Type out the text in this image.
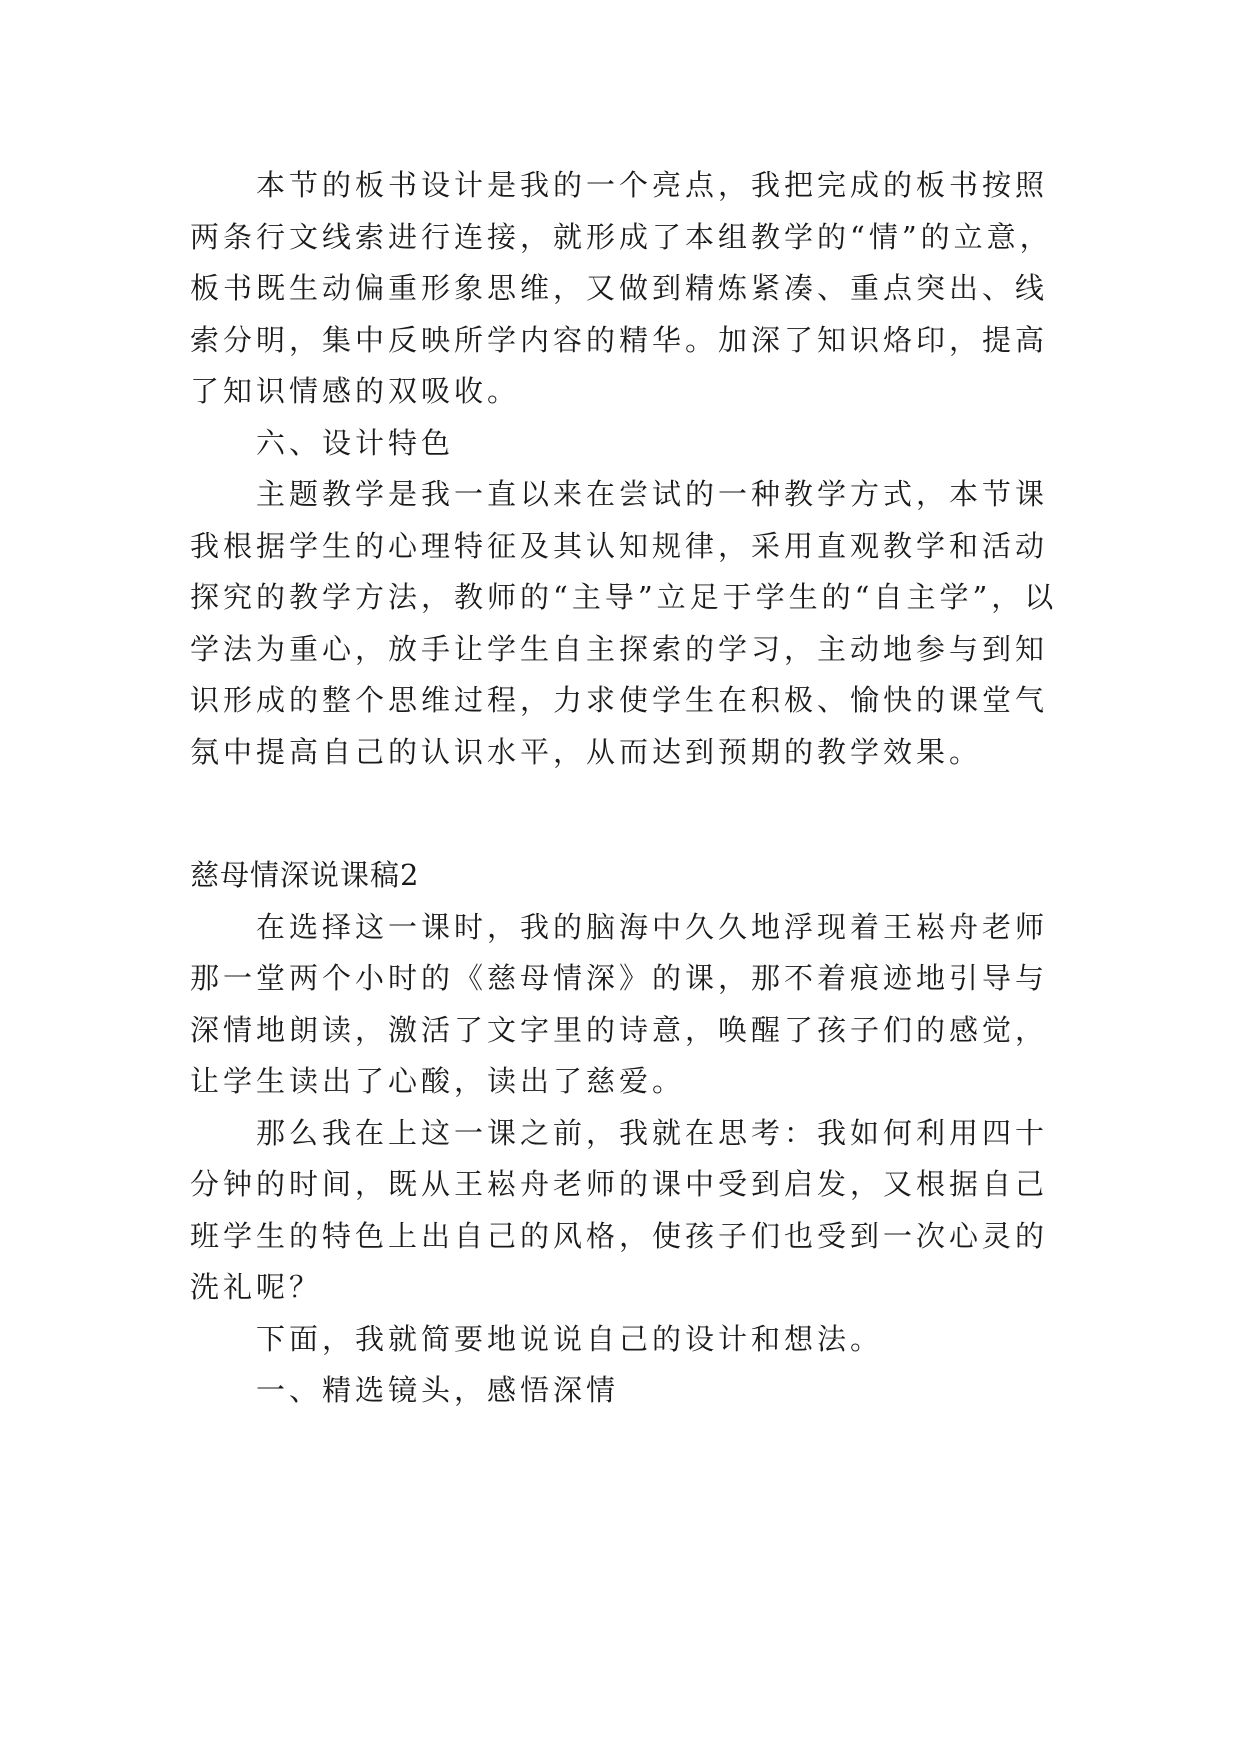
本节的板书设计是我的一个亮点，我把完成的板书按照两条行文线索进行连接，就形成了本组教学的“情”的立意，板书既生动偏重形象思维，又做到精炼紧凑、重点突出、线索分明，集中反映所学内容的精华。加深了知识烙印，提高了知识情感的双吸收。

六、设计特色

主题教学是我一直以来在尝试的一种教学方式，本节课我根据学生的心理特征及其认知规律，采用直观教学和活动探究的教学方法，教师的“主导”立足于学生的“自主学”，以学法为重心，放手让学生自主探索的学习，主动地参与到知识形成的整个思维过程，力求使学生在积极、愉快的课堂气氛中提高自己的认识水平，从而达到预期的教学效果。

慈母情深说课稿2

在选择这一课时，我的脑海中久久地浮现着王崧舟老师那一堂两个小时的《慈母情深》的课，那不着痕迹地引导与深情地朗读，激活了文字里的诗意，唤醒了孩子们的感觉，让学生读出了心酸，读出了慈爱。

那么我在上这一课之前，我就在思考：我如何利用四十分钟的时间，既从王崧舟老师的课中受到启发，又根据自己班学生的特色上出自己的风格，使孩子们也受到一次心灵的洗礼呢？

下面，我就简要地说说自己的设计和想法。

一、精选镜头，感悟深情
